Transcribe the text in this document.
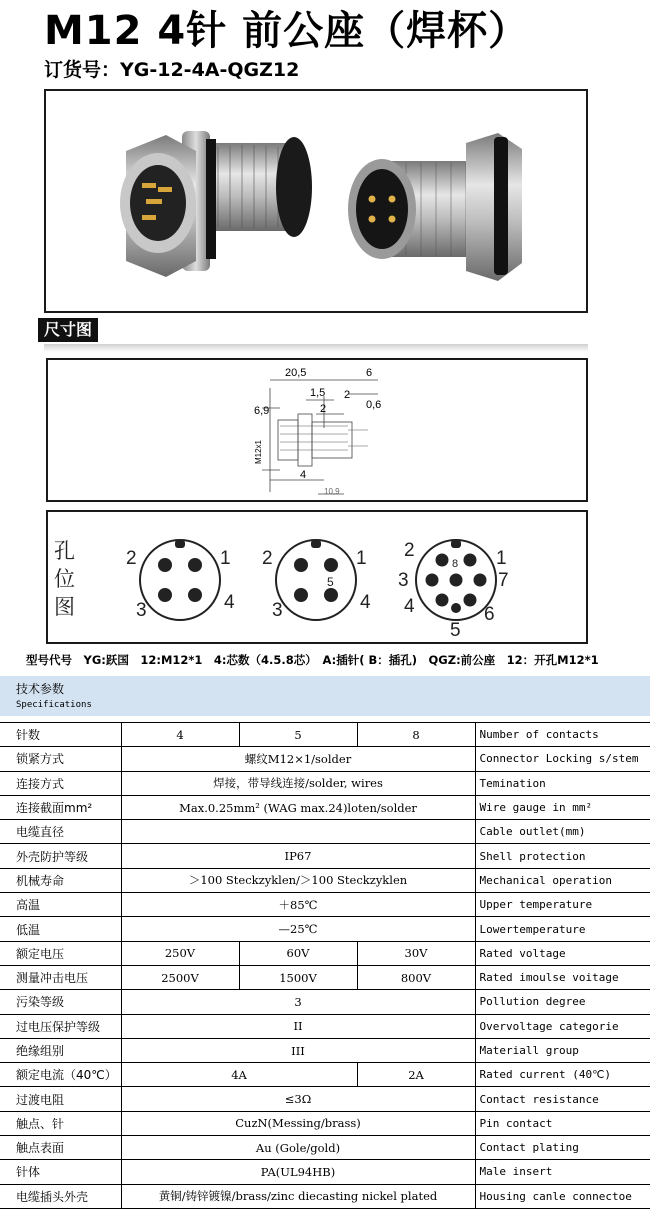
M12 4针 前公座（焊杯）
订货号：YG-12-4A-QGZ12
尺寸图
20,5	6
1,5 2
2	0,6
6,9
M12x1
4
10,9
孔
位
图
2	1
3	4
2	1
5
3	4
2	1
8
3	7
4	6
5
型号代号　YG:跃国　12:M12*1　4:芯数（4.5.8芯）　A:插针( B：插孔)　QGZ:前公座　12：开孔M12*1
技术参数
Specifications
针数	4	5	8	Number of contacts
锁紧方式	螺纹M12×1/solder			Connector Locking s/stem
连接方式	焊接，带导线连接/solder, wires			Temination
连接截面mm²	Max.0.25mm² (WAG max.24)loten/solder			Wire gauge in mm²
电缆直径				Cable outlet(mm)
外壳防护等级	IP67			Shell protection
机械寿命	＞100 Steckzyklen/＞100 Steckzyklen			Mechanical operation
高温	＋85℃			Upper temperature
低温	—25℃			Lowertemperature
额定电压	250V	60V	30V	Rated voltage
测量冲击电压	2500V	1500V	800V	Rated imoulse voitage
污染等级	3			Pollution degree
过电压保护等级	II			Overvoltage categorie
绝缘组别	III			Materiall group
额定电流（40℃）	4A		2A	Rated current (40℃)
过渡电阻	≤3Ω			Contact resistance
触点、针	CuzN(Messing/brass)			Pin contact
触点表面	Au (Gole/gold)			Contact plating
针体	PA(UL94HB)			Male insert
电缆插头外壳	黄铜/铸锌镀镍/brass/zinc diecasting nickel plated			Housing canle connectoe
